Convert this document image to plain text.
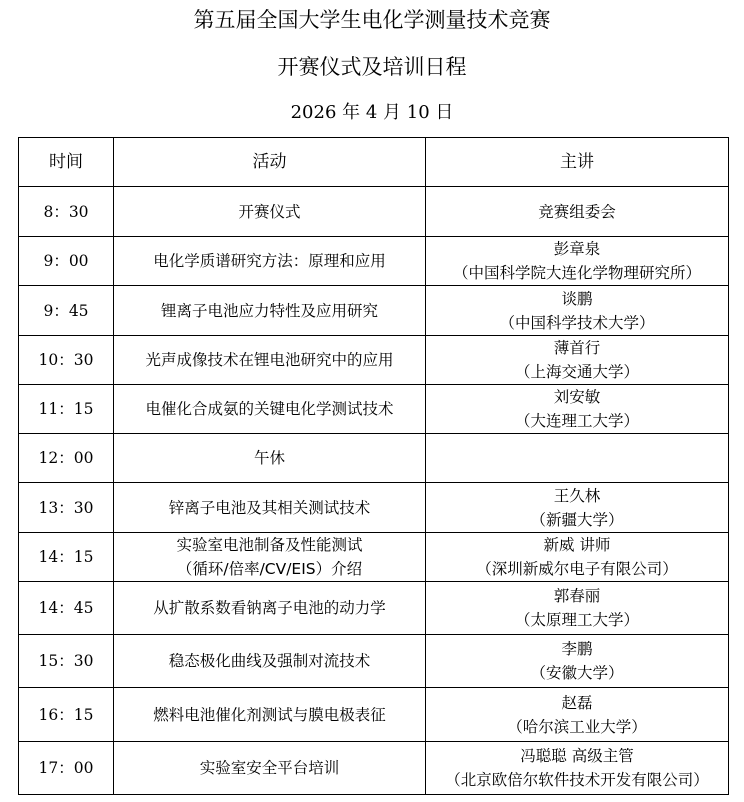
第五届全国大学生电化学测量技术竞赛
开赛仪式及培训日程
2026 年 4 月 10 日
时间	活动	主讲
8：30	开赛仪式	竞赛组委会

9：00	电化学质谱研究方法：原理和应用	彭章泉
（中国科学院大连化学物理研究所）

9：45	锂离子电池应力特性及应用研究	谈鹏
（中国科学技术大学）

10：30	光声成像技术在锂电池研究中的应用	薄首行
（上海交通大学）

11：15	电催化合成氨的关键电化学测试技术	刘安敏
（大连理工大学）

12：00	午休	

13：30	锌离子电池及其相关测试技术	王久林
（新疆大学）

14：15	实验室电池制备及性能测试
（循环/倍率/CV/EIS）介绍	新威 讲师
（深圳新威尔电子有限公司）

14：45	从扩散系数看钠离子电池的动力学	郭春丽
（太原理工大学）

15：30	稳态极化曲线及强制对流技术	李鹏
（安徽大学）

16：15	燃料电池催化剂测试与膜电极表征	赵磊
（哈尔滨工业大学）

17：00	实验室安全平台培训	冯聪聪 高级主管
（北京欧倍尔软件技术开发有限公司）
